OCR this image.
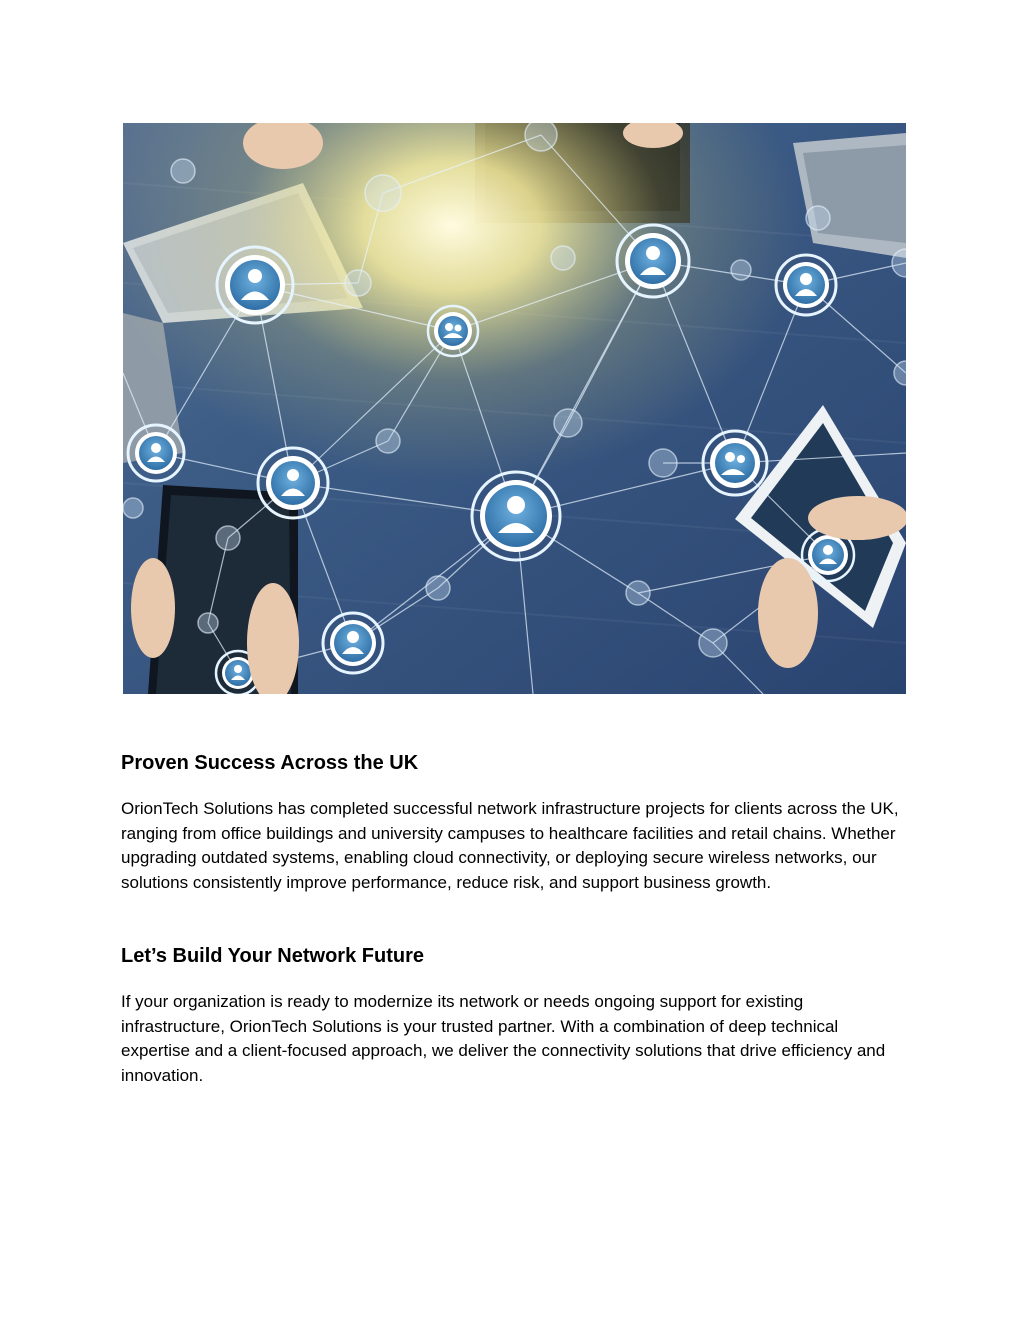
Proven Success Across the UK

OrionTech Solutions has completed successful network infrastructure projects for clients across the UK, ranging from office buildings and university campuses to healthcare facilities and retail chains. Whether upgrading outdated systems, enabling cloud connectivity, or deploying secure wireless networks, our solutions consistently improve performance, reduce risk, and support business growth.

Let’s Build Your Network Future

If your organization is ready to modernize its network or needs ongoing support for existing infrastructure, OrionTech Solutions is your trusted partner. With a combination of deep technical expertise and a client-focused approach, we deliver the connectivity solutions that drive efficiency and innovation.
